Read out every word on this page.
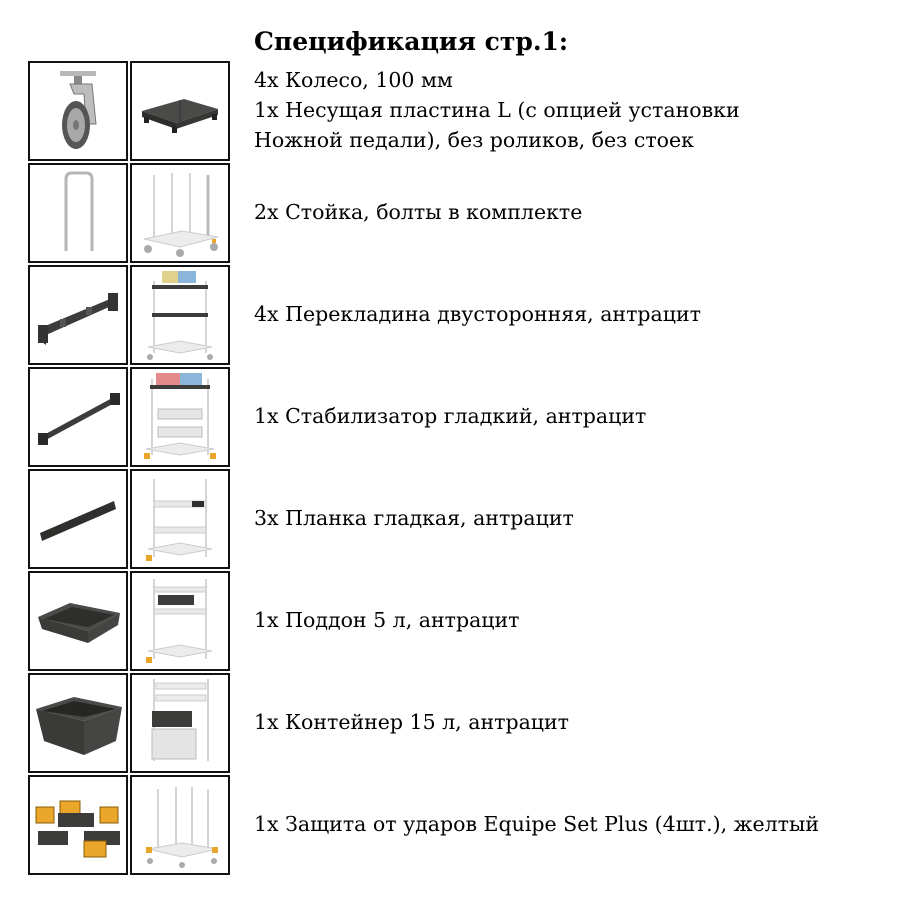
Спецификация стр.1:
4x Колесо, 100 мм
1x Несущая пластина L (с опцией установки
Ножной педали), без роликов, без стоек
2x Стойка, болты в комплекте
4x Перекладина двусторонняя, антрацит
1x Стабилизатор гладкий, антрацит
3x Планка гладкая, антрацит
1x Поддон 5 л, антрацит
1x Контейнер 15 л, антрацит
1x Защита от ударов Equipe Set Plus (4шт.), желтый
